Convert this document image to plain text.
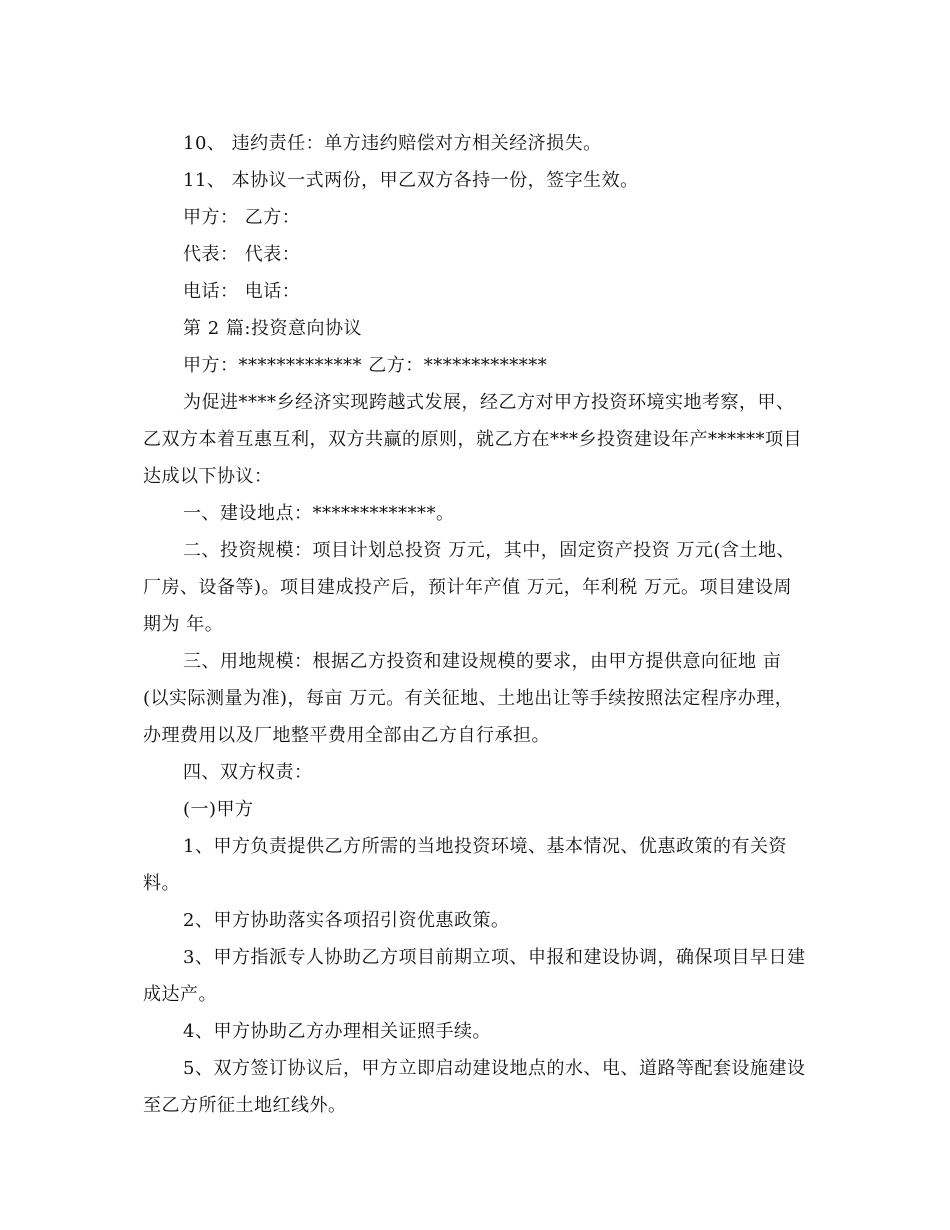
10、 违约责任：单方违约赔偿对方相关经济损失。
11、 本协议一式两份，甲乙双方各持一份，签字生效。
甲方： 乙方：
代表： 代表：
电话： 电话：
第 2 篇:投资意向协议
甲方：************* 乙方：*************
为促进****乡经济实现跨越式发展，经乙方对甲方投资环境实地考察，甲、
乙双方本着互惠互利，双方共赢的原则，就乙方在***乡投资建设年产******项目
达成以下协议：
一、建设地点：*************。
二、投资规模：项目计划总投资 万元，其中，固定资产投资 万元(含土地、
厂房、设备等)。项目建成投产后，预计年产值 万元，年利税 万元。项目建设周
期为 年。
三、用地规模：根据乙方投资和建设规模的要求，由甲方提供意向征地 亩
(以实际测量为准)，每亩 万元。有关征地、土地出让等手续按照法定程序办理，
办理费用以及厂地整平费用全部由乙方自行承担。
四、双方权责：
(一)甲方
1、甲方负责提供乙方所需的当地投资环境、基本情况、优惠政策的有关资
料。
2、甲方协助落实各项招引资优惠政策。
3、甲方指派专人协助乙方项目前期立项、申报和建设协调，确保项目早日建
成达产。
4、甲方协助乙方办理相关证照手续。
5、双方签订协议后，甲方立即启动建设地点的水、电、道路等配套设施建设
至乙方所征土地红线外。
